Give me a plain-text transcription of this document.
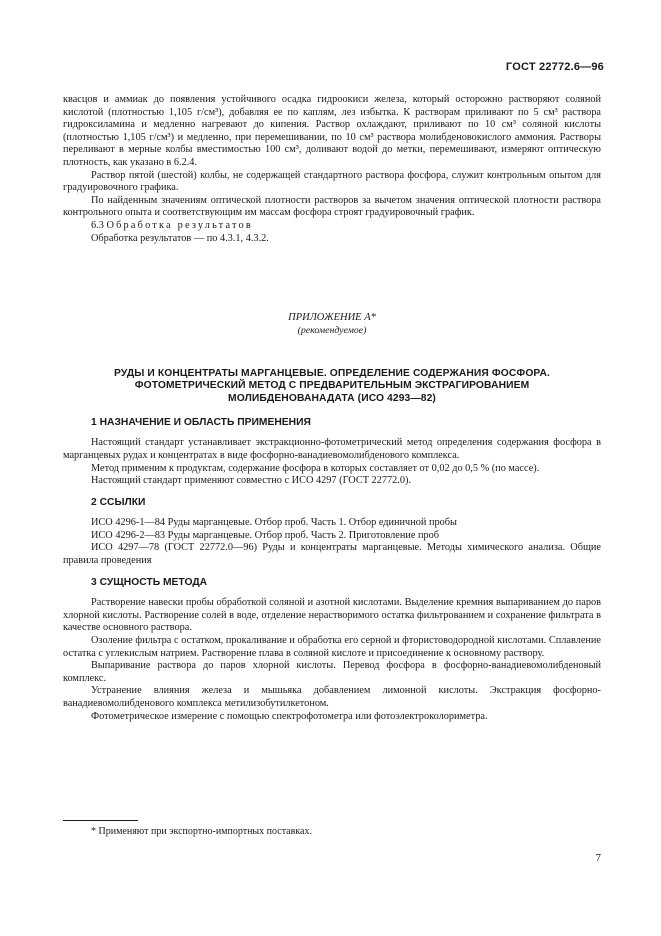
ГОСТ 22772.6—96

квасцов и аммиак до появления устойчивого осадка гидроокиси железа, который осторожно растворяют соляной кислотой (плотностью 1,105 г/см³), добавляя ее по каплям, лез избытка. К растворам приливают по 5 см³ раствора гидроксиламина и медленно нагревают до кипения. Раствор охлаждают, приливают по 10 см³ соляной кислоты (плотностью 1,105 г/см³) и медленно, при перемешивании, по 10 см³ раствора молибденовокислого аммония. Растворы переливают в мерные колбы вместимостью 100 см³, доливают водой до метки, перемешивают, измеряют оптическую плотность, как указано в 6.2.4.

Раствор пятой (шестой) колбы, не содержащей стандартного раствора фосфора, служит контрольным опытом для градуировочного графика.

По найденным значениям оптической плотности растворов за вычетом значения оптической плотности раствора контрольного опыта и соответствующим им массам фосфора строят градуировочный график.

6.3 Обработка результатов

Обработка результатов — по 4.3.1, 4.3.2.

ПРИЛОЖЕНИЕ А*
(рекомендуемое)
РУДЫ И КОНЦЕНТРАТЫ МАРГАНЦЕВЫЕ. ОПРЕДЕЛЕНИЕ СОДЕРЖАНИЯ ФОСФОРА.
ФОТОМЕТРИЧЕСКИЙ МЕТОД С ПРЕДВАРИТЕЛЬНЫМ ЭКСТРАГИРОВАНИЕМ
МОЛИБДЕНОВАНАДАТА (ИСО 4293—82)
1 НАЗНАЧЕНИЕ И ОБЛАСТЬ ПРИМЕНЕНИЯ

Настоящий стандарт устанавливает экстракционно-фотометрический метод определения содержания фосфора в марганцевых рудах и концентратах в виде фосфорно-ванадиевомолибденового комплекса.

Метод применим к продуктам, содержание фосфора в которых составляет от 0,02 до 0,5 % (по массе).

Настоящий стандарт применяют совместно с ИСО 4297 (ГОСТ 22772.0).

2 ССЫЛКИ

ИСО 4296-1—84 Руды марганцевые. Отбор проб. Часть 1. Отбор единичной пробы

ИСО 4296-2—83 Руды марганцевые. Отбор проб. Часть 2. Приготовление проб

ИСО 4297—78 (ГОСТ 22772.0—96) Руды и концентраты марганцевые. Методы химического анализа. Общие правила проведения

3 СУЩНОСТЬ МЕТОДА

Растворение навески пробы обработкой соляной и азотной кислотами. Выделение кремния выпариванием до паров хлорной кислоты. Растворение солей в воде, отделение нерастворимого остатка фильтрованием и сохранение фильтрата в качестве основного раствора.

Озоление фильтра с остатком, прокаливание и обработка его серной и фтористоводородной кислотами. Сплавление остатка с углекислым натрием. Растворение плава в соляной кислоте и присоединение к основному раствору.

Выпаривание раствора до паров хлорной кислоты. Перевод фосфора в фосфорно-ванадиевомолибденовый комплекс.

Устранение влияния железа и мышьяка добавлением лимонной кислоты. Экстракция фосфорно-ванадиевомолибденового комплекса метилизобутилкетоном.

Фотометрическое измерение с помощью спектрофотометра или фотоэлектроколориметра.

* Применяют при экспортно-импортных поставках.
7
